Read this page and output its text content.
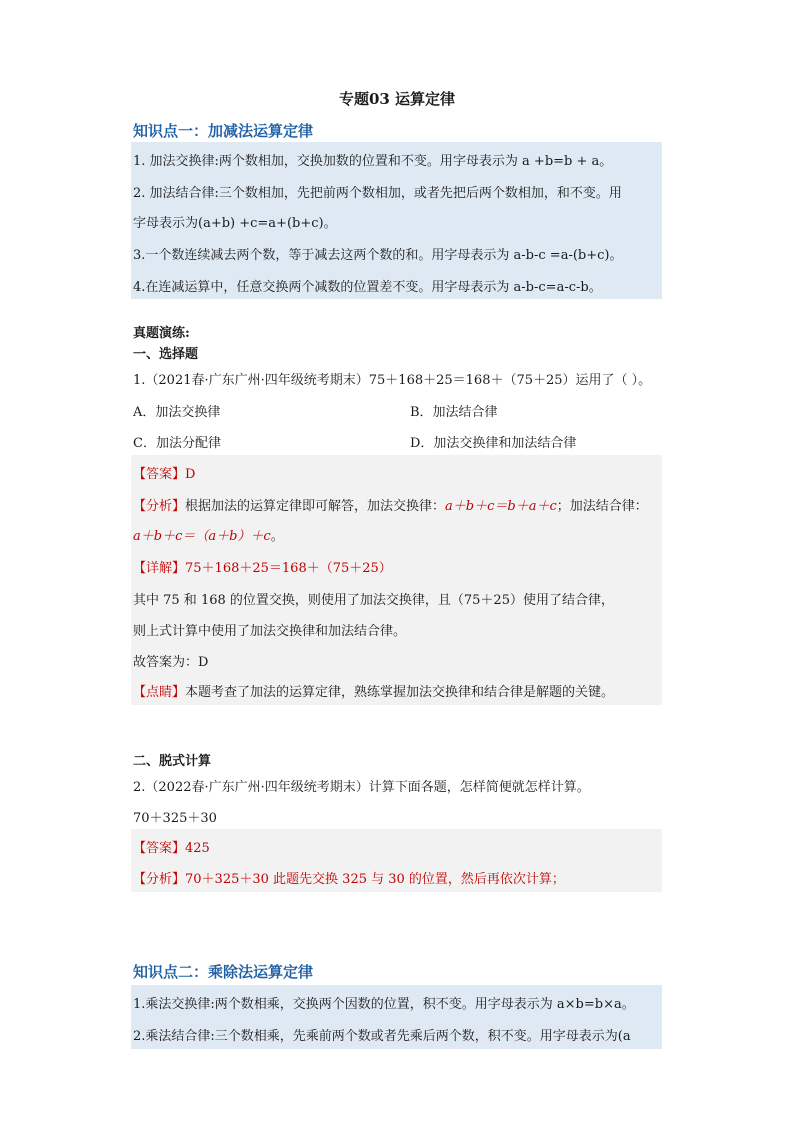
专题03 运算定律
知识点一：加减法运算定律
1. 加法交换律:两个数相加，交换加数的位置和不变。用字母表示为 a +b=b + a。
2. 加法结合律:三个数相加，先把前两个数相加，或者先把后两个数相加，和不变。用
字母表示为(a+b) +c=a+(b+c)。
3.一个数连续减去两个数，等于减去这两个数的和。用字母表示为 a-b-c =a-(b+c)。
4.在连减运算中，任意交换两个减数的位置差不变。用字母表示为 a-b-c=a-c-b。
真题演练:
一、选择题
1.（2021春·广东广州·四年级统考期末）75＋168＋25＝168＋（75＋25）运用了（ ）。
A．加法交换律	B．加法结合律
C．加法分配律	D．加法交换律和加法结合律
【答案】D
【分析】根据加法的运算定律即可解答，加法交换律：a＋b＋c＝b＋a＋c；加法结合律：
a＋b＋c＝（a＋b）＋c。
【详解】75＋168＋25＝168＋（75＋25）
其中 75 和 168 的位置交换，则使用了加法交换律，且（75＋25）使用了结合律，
则上式计算中使用了加法交换律和加法结合律。
故答案为：D
【点睛】本题考查了加法的运算定律，熟练掌握加法交换律和结合律是解题的关键。
二、脱式计算
2.（2022春·广东广州·四年级统考期末）计算下面各题，怎样简便就怎样计算。
70＋325＋30
【答案】425
【分析】70＋325＋30 此题先交换 325 与 30 的位置，然后再依次计算；
知识点二：乘除法运算定律
1.乘法交换律:两个数相乘，交换两个因数的位置，积不变。用字母表示为 a×b=b×a。
2.乘法结合律:三个数相乘，先乘前两个数或者先乘后两个数，积不变。用字母表示为(a
